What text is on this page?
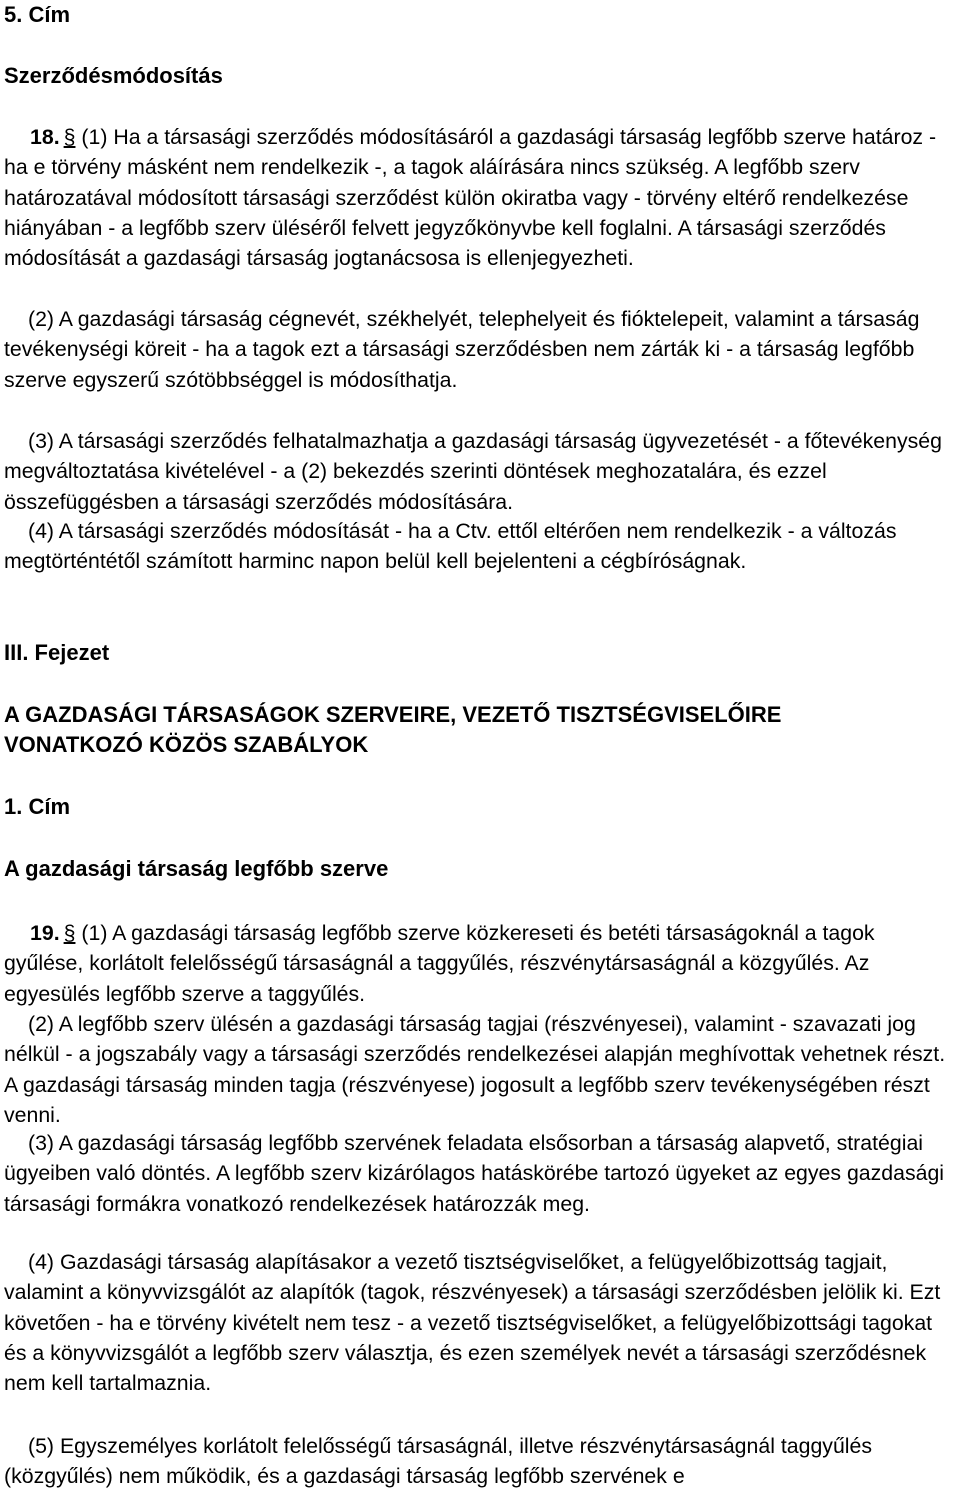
5. Cím

Szerződésmódosítás

18. § (1) Ha a társasági szerződés módosításáról a gazdasági társaság legfőbb szerve határoz - ha e törvény másként nem rendelkezik -, a tagok aláírására nincs szükség. A legfőbb szerv határozatával módosított társasági szerződést külön okiratba vagy - törvény eltérő rendelkezése hiányában - a legfőbb szerv üléséről felvett jegyzőkönyvbe kell foglalni. A társasági szerződés módosítását a gazdasági társaság jogtanácsosa is ellenjegyezheti.

(2) A gazdasági társaság cégnevét, székhelyét, telephelyeit és fióktelepeit, valamint a társaság tevékenységi köreit - ha a tagok ezt a társasági szerződésben nem zárták ki - a társaság legfőbb szerve egyszerű szótöbbséggel is módosíthatja.

(3) A társasági szerződés felhatalmazhatja a gazdasági társaság ügyvezetését - a főtevékenység megváltoztatása kivételével - a (2) bekezdés szerinti döntések meghozatalára, és ezzel összefüggésben a társasági szerződés módosítására.

(4) A társasági szerződés módosítását - ha a Ctv. ettől eltérően nem rendelkezik - a változás megtörténtétől számított harminc napon belül kell bejelenteni a cégbíróságnak.

III. Fejezet

A GAZDASÁGI TÁRSASÁGOK SZERVEIRE, VEZETŐ TISZTSÉGVISELŐIRE

VONATKOZÓ KÖZÖS SZABÁLYOK

1. Cím

A gazdasági társaság legfőbb szerve

19. § (1) A gazdasági társaság legfőbb szerve közkereseti és betéti társaságoknál a tagok gyűlése, korlátolt felelősségű társaságnál a taggyűlés, részvénytársaságnál a közgyűlés. Az egyesülés legfőbb szerve a taggyűlés.

(2) A legfőbb szerv ülésén a gazdasági társaság tagjai (részvényesei), valamint - szavazati jog nélkül - a jogszabály vagy a társasági szerződés rendelkezései alapján meghívottak vehetnek részt. A gazdasági társaság minden tagja (részvényese) jogosult a legfőbb szerv tevékenységében részt venni.

(3) A gazdasági társaság legfőbb szervének feladata elsősorban a társaság alapvető, stratégiai ügyeiben való döntés. A legfőbb szerv kizárólagos hatáskörébe tartozó ügyeket az egyes gazdasági társasági formákra vonatkozó rendelkezések határozzák meg.

(4) Gazdasági társaság alapításakor a vezető tisztségviselőket, a felügyelőbizottság tagjait, valamint a könyvvizsgálót az alapítók (tagok, részvényesek) a társasági szerződésben jelölik ki. Ezt követően - ha e törvény kivételt nem tesz - a vezető tisztségviselőket, a felügyelőbizottsági tagokat és a könyvvizsgálót a legfőbb szerv választja, és ezen személyek nevét a társasági szerződésnek nem kell tartalmaznia.

(5) Egyszemélyes korlátolt felelősségű társaságnál, illetve részvénytársaságnál taggyűlés (közgyűlés) nem működik, és a gazdasági társaság legfőbb szervének e
